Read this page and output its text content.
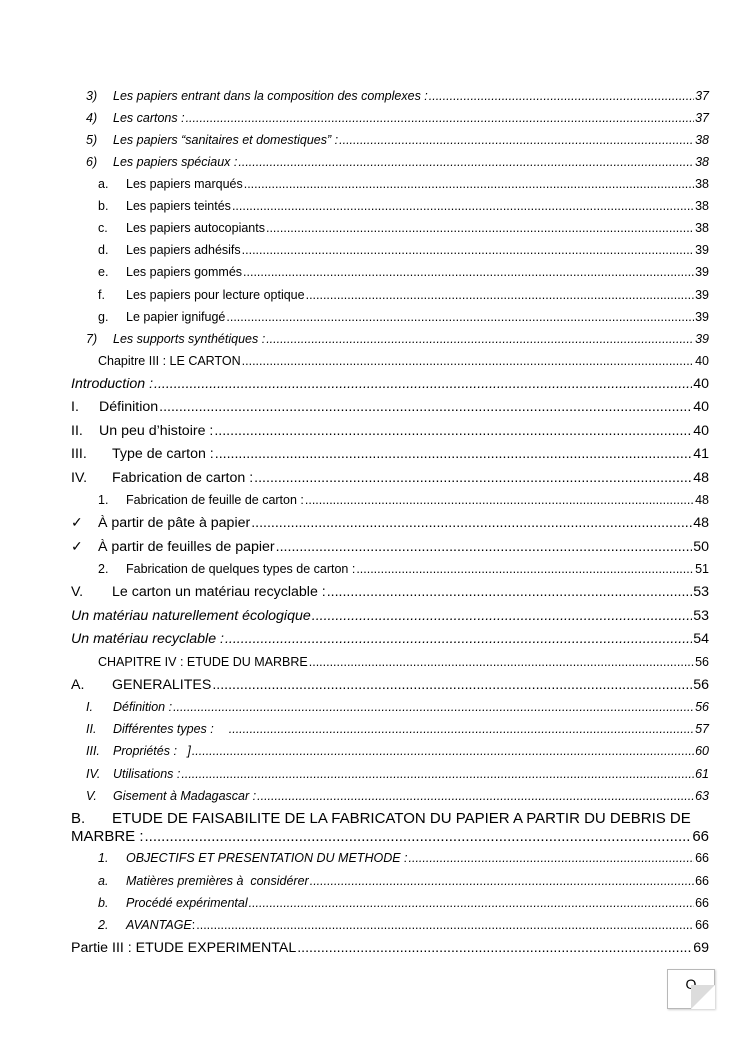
3)	Les papiers entrant dans la composition des complexes : .....	37
4)	Les cartons : .....	37
5)	Les papiers “sanitaires et domestiques” : .....	38
6)	Les papiers spéciaux : .....	38
a.	Les papiers marqués .....	38
b.	Les papiers teintés .....	38
c.	Les papiers autocopiants .....	38
d.	Les papiers adhésifs .....	39
e.	Les papiers gommés .....	39
f.	Les papiers pour lecture optique .....	39
g.	Le papier ignifugé .....	39
7)	Les supports synthétiques : .....	39
Chapitre III : LE CARTON .....	40
Introduction : .....	40
I.	Définition .....	40
II.	Un peu d’histoire : .....	40
III.	Type de carton : .....	41
IV.	Fabrication de carton : .....	48
1.	Fabrication de feuille de carton : .....	48
✓	À partir de pâte à papier .....	48
✓	À partir de feuilles de papier .....	50
2.	Fabrication de quelques types de carton : .....	51
V.	Le carton un matériau recyclable : .....	53
Un matériau naturellement écologique .....	53
Un matériau recyclable : .....	54
CHAPITRE IV : ETUDE DU MARBRE .....	56
A.	GENERALITES .....	56
I.	Définition : .....	56
II.	Différentes types : .....	57
III.	Propriétés :   ] .....	60
IV.	Utilisations : .....	61
V.	Gisement à Madagascar : .....	63
B.	ETUDE DE FAISABILITE DE LA FABRICATON DU PAPIER A PARTIR DU DEBRIS DE
MARBRE : .....	66
1.	OBJECTIFS ET PRESENTATION DU METHODE : .....	66
a.	Matières premières à  considérer .....	66
b.	Procédé expérimental .....	66
2.	AVANTAGE : .....	66
Partie III : ETUDE EXPERIMENTAL .....	69
O
